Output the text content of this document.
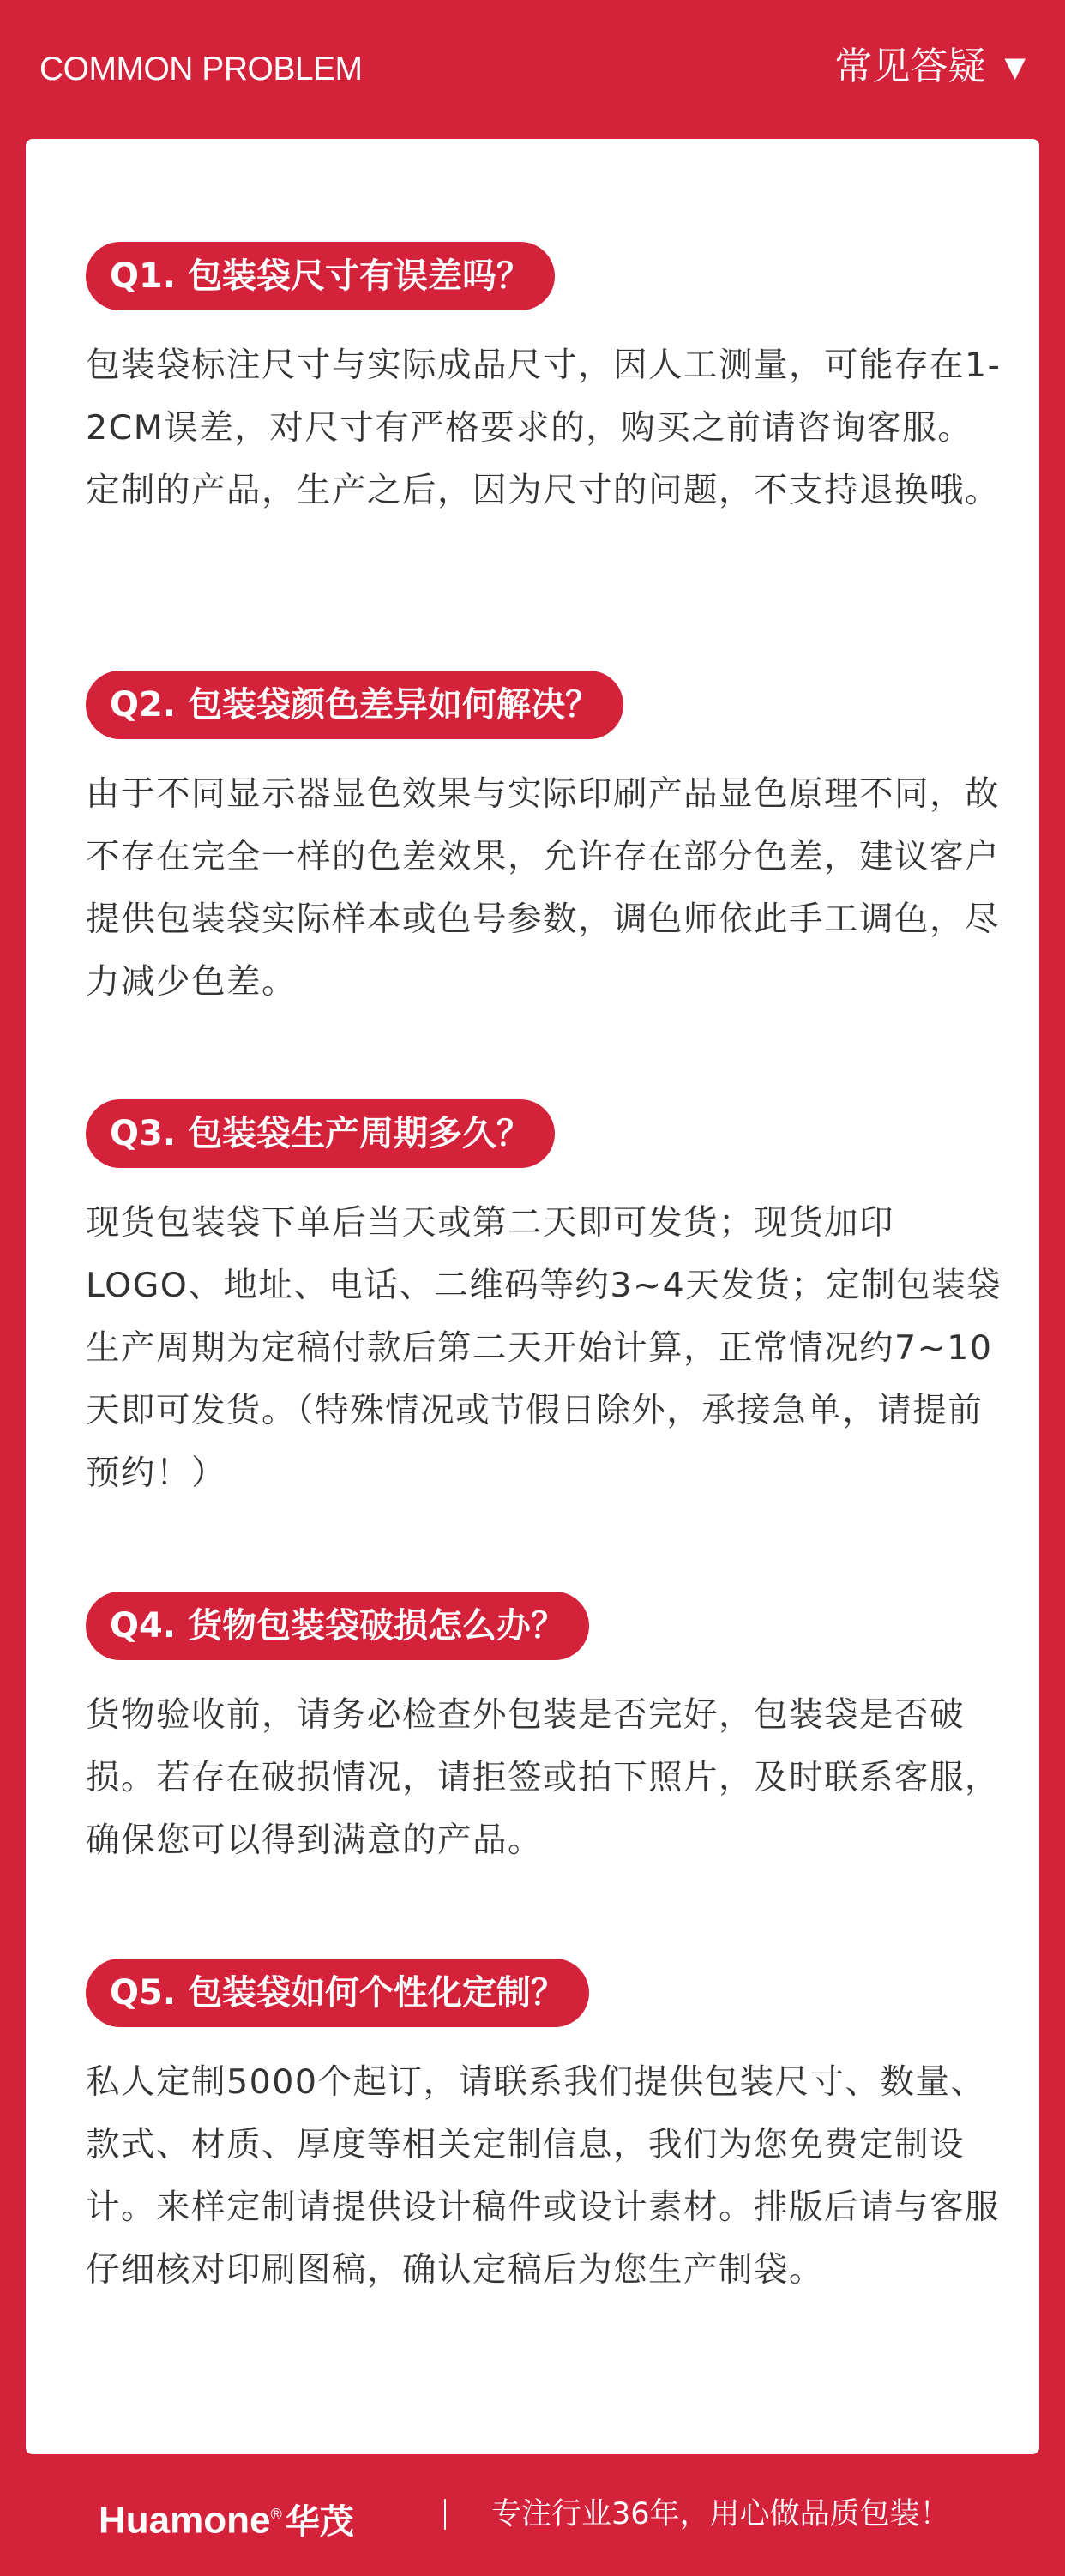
COMMON PROBLEM	常见答疑 ▼
Q1. 包装袋尺寸有误差吗？
包装袋标注尺寸与实际成品尺寸，因人工测量，可能存在1-2CM误差，对尺寸有严格要求的，购买之前请咨询客服。定制的产品，生产之后，因为尺寸的问题，不支持退换哦。
Q2. 包装袋颜色差异如何解决？
由于不同显示器显色效果与实际印刷产品显色原理不同，故不存在完全一样的色差效果，允许存在部分色差，建议客户提供包装袋实际样本或色号参数，调色师依此手工调色，尽力减少色差。
Q3. 包装袋生产周期多久？
现货包装袋下单后当天或第二天即可发货；现货加印LOGO、地址、电话、二维码等约3~4天发货；定制包装袋生产周期为定稿付款后第二天开始计算，正常情况约7~10天即可发货。（特殊情况或节假日除外，承接急单，请提前预约！）
Q4. 货物包装袋破损怎么办？
货物验收前，请务必检查外包装是否完好，包装袋是否破损。若存在破损情况，请拒签或拍下照片，及时联系客服，确保您可以得到满意的产品。
Q5. 包装袋如何个性化定制？
私人定制5000个起订，请联系我们提供包装尺寸、数量、款式、材质、厚度等相关定制信息，我们为您免费定制设计。来样定制请提供设计稿件或设计素材。排版后请与客服仔细核对印刷图稿，确认定稿后为您生产制袋。
Huamone® 华茂	专注行业36年，用心做品质包装！
